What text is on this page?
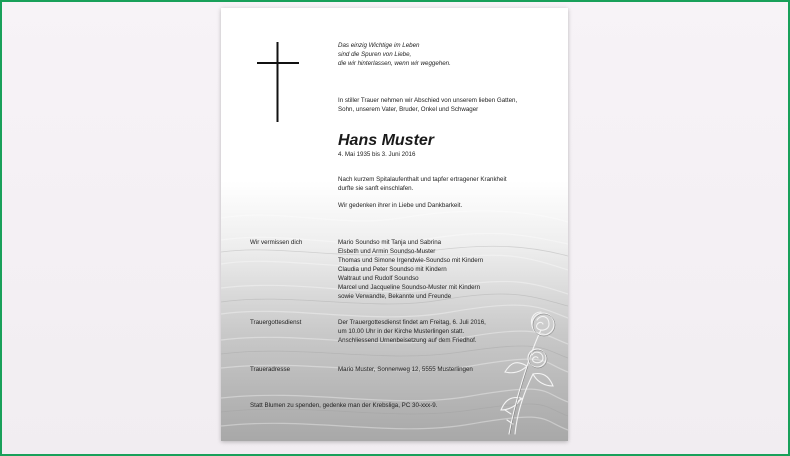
Das einzig Wichtige im Leben
sind die Spuren von Liebe,
die wir hinterlassen, wenn wir weggehen.
In stiller Trauer nehmen wir Abschied von unserem lieben Gatten,
Sohn, unserem Vater, Bruder, Onkel und Schwager
Hans Muster
4. Mai 1935 bis 3. Juni 2016
Nach kurzem Spitalaufenthalt und tapfer ertragener Krankheit
durfte sie sanft einschlafen.
Wir gedenken ihrer in Liebe und Dankbarkeit.
Wir vermissen dich	Mario Soundso mit Tanja und Sabrina
Elsbeth und Armin Soundso-Muster
Thomas und Simone Irgendwie-Soundso mit Kindern
Claudia und Peter Soundso mit Kindern
Waltraut und Rudolf Soundso
Marcel und Jacqueline Soundso-Muster mit Kindern
sowie Verwandte, Bekannte und Freunde
Trauergottesdienst	Der Trauergottesdienst findet am Freitag, 6. Juli 2016,
um 10.00 Uhr in der Kirche Musterlingen statt.
Anschliessend Urnenbeisetzung auf dem Friedhof.
Traueradresse	Mario Muster, Sonnenweg 12, 5555 Musterlingen
Statt Blumen zu spenden, gedenke man der Krebsliga, PC 30-xxx-9.
